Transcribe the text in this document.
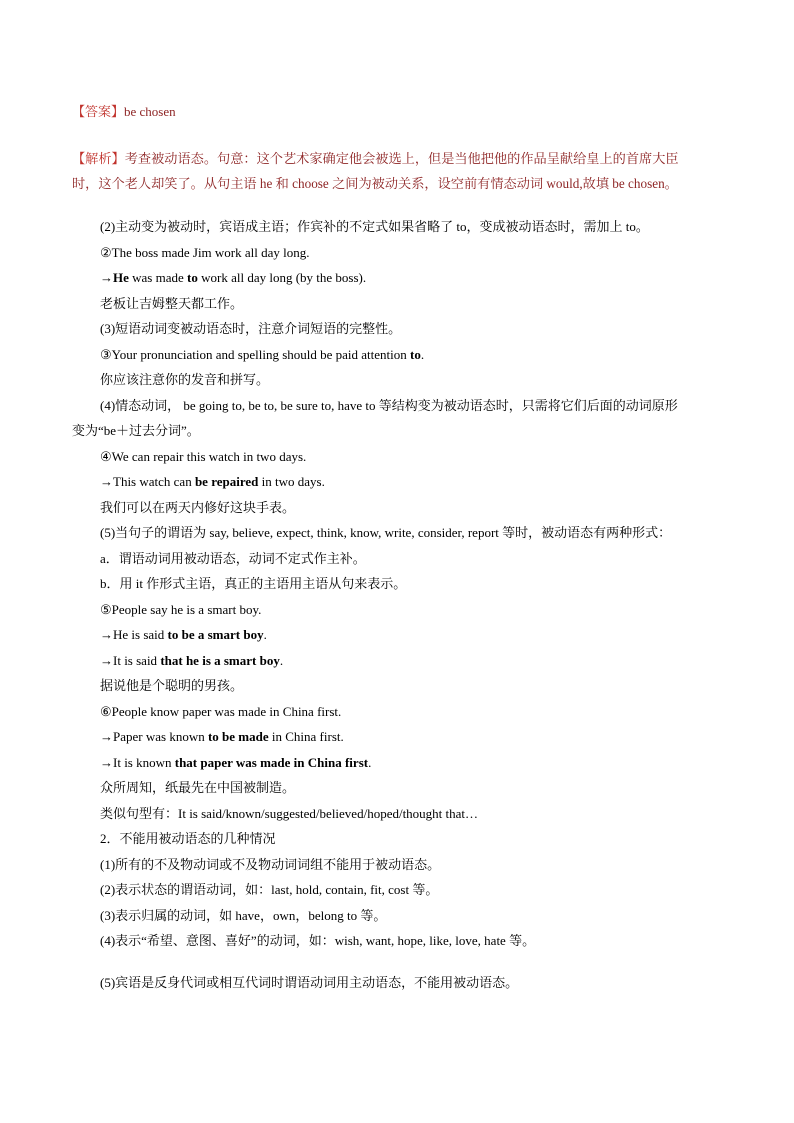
【答案】be chosen
【解析】考查被动语态。句意：这个艺术家确定他会被选上，但是当他把他的作品呈献给皇上的首席大臣
时，这个老人却笑了。从句主语 he 和 choose 之间为被动关系，设空前有情态动词 would,故填 be chosen。
(2)主动变为被动时，宾语成主语；作宾补的不定式如果省略了 to，变成被动语态时，需加上 to。
②The boss made Jim work all day long.
→He was made to work all day long (by the boss).
老板让吉姆整天都工作。
(3)短语动词变被动语态时，注意介词短语的完整性。
③Your pronunciation and spelling should be paid attention to.
你应该注意你的发音和拼写。
(4)情态动词， be going to, be to, be sure to, have to 等结构变为被动语态时，只需将它们后面的动词原形
变为“be＋过去分词”。
④We can repair this watch in two days.
→This watch can be repaired in two days.
我们可以在两天内修好这块手表。
(5)当句子的谓语为 say, believe, expect, think, know, write, consider, report 等时，被动语态有两种形式：
a．谓语动词用被动语态，动词不定式作主补。
b．用 it 作形式主语，真正的主语用主语从句来表示。
⑤People say he is a smart boy.
→He is said to be a smart boy.
→It is said that he is a smart boy.
据说他是个聪明的男孩。
⑥People know paper was made in China first.
→Paper was known to be made in China first.
→It is known that paper was made in China first.
众所周知，纸最先在中国被制造。
类似句型有：It is said/known/suggested/believed/hoped/thought that…
2．不能用被动语态的几种情况
(1)所有的不及物动词或不及物动词词组不能用于被动语态。
(2)表示状态的谓语动词，如：last, hold, contain, fit, cost 等。
(3)表示归属的动词，如 have，own，belong to 等。
(4)表示“希望、意图、喜好”的动词，如：wish, want, hope, like, love, hate 等。
(5)宾语是反身代词或相互代词时谓语动词用主动语态，不能用被动语态。
